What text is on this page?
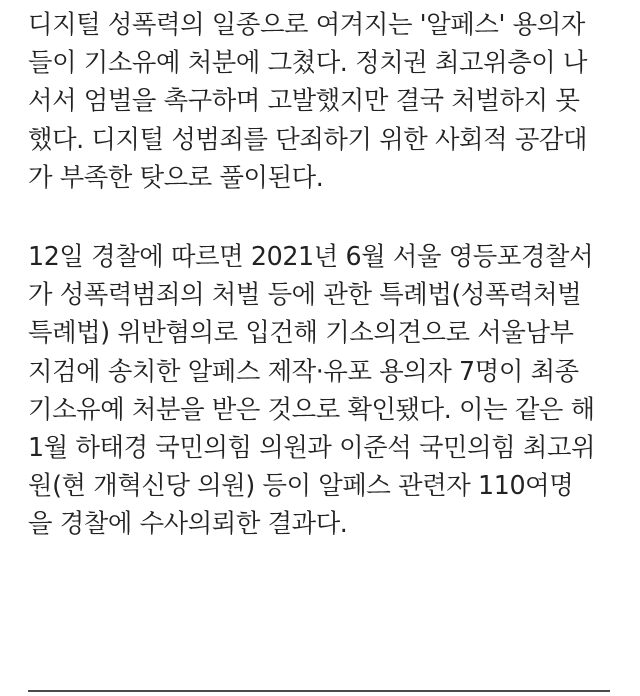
디지털 성폭력의 일종으로 여겨지는 '알페스' 용의자
들이 기소유예 처분에 그쳤다. 정치권 최고위층이 나
서서 엄벌을 촉구하며 고발했지만 결국 처벌하지 못
했다. 디지털 성범죄를 단죄하기 위한 사회적 공감대
가 부족한 탓으로 풀이된다.
12일 경찰에 따르면 2021년 6월 서울 영등포경찰서
가 성폭력범죄의 처벌 등에 관한 특례법(성폭력처벌
특례법) 위반혐의로 입건해 기소의견으로 서울남부
지검에 송치한 알페스 제작·유포 용의자 7명이 최종
기소유예 처분을 받은 것으로 확인됐다. 이는 같은 해
1월 하태경 국민의힘 의원과 이준석 국민의힘 최고위
원(현 개혁신당 의원) 등이 알페스 관련자 110여명
을 경찰에 수사의뢰한 결과다.
